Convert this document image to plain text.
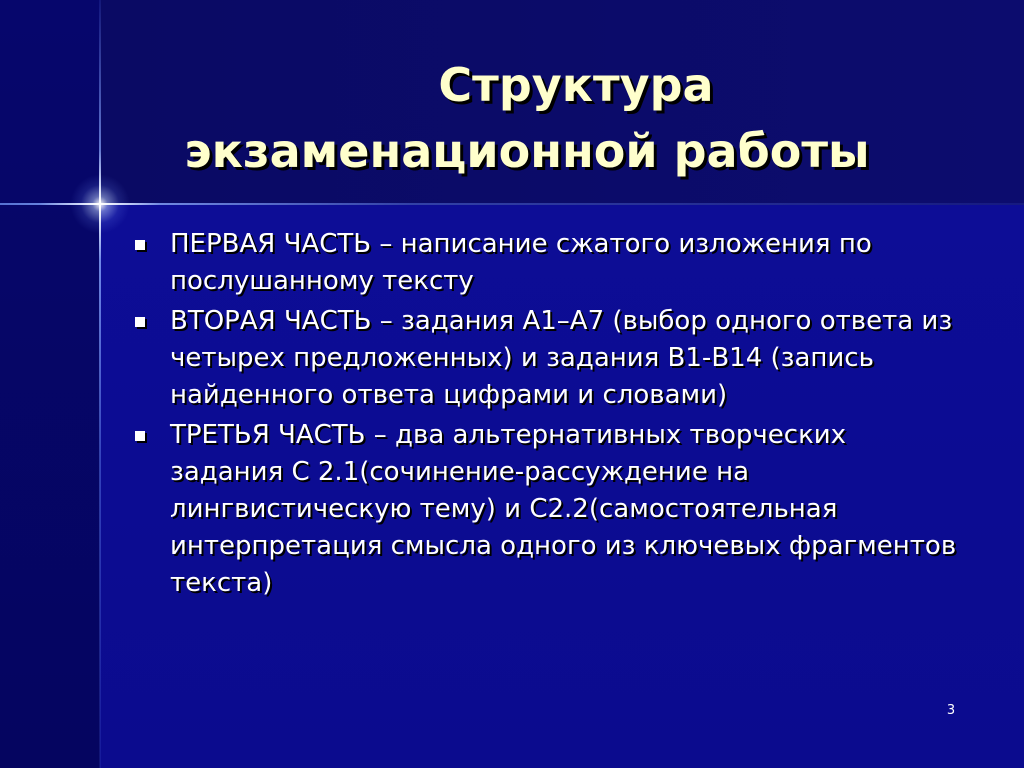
Структура
экзаменационной работы
ПЕРВАЯ ЧАСТЬ – написание сжатого изложения по послушанному тексту
ВТОРАЯ ЧАСТЬ – задания А1–А7 (выбор одного ответа из четырех предложенных) и задания В1-В14 (запись найденного ответа цифрами и словами)
ТРЕТЬЯ ЧАСТЬ – два альтернативных творческих задания С 2.1(сочинение-рассуждение на лингвистическую тему) и С2.2(самостоятельная интерпретация смысла одного из ключевых фрагментов текста)
3
